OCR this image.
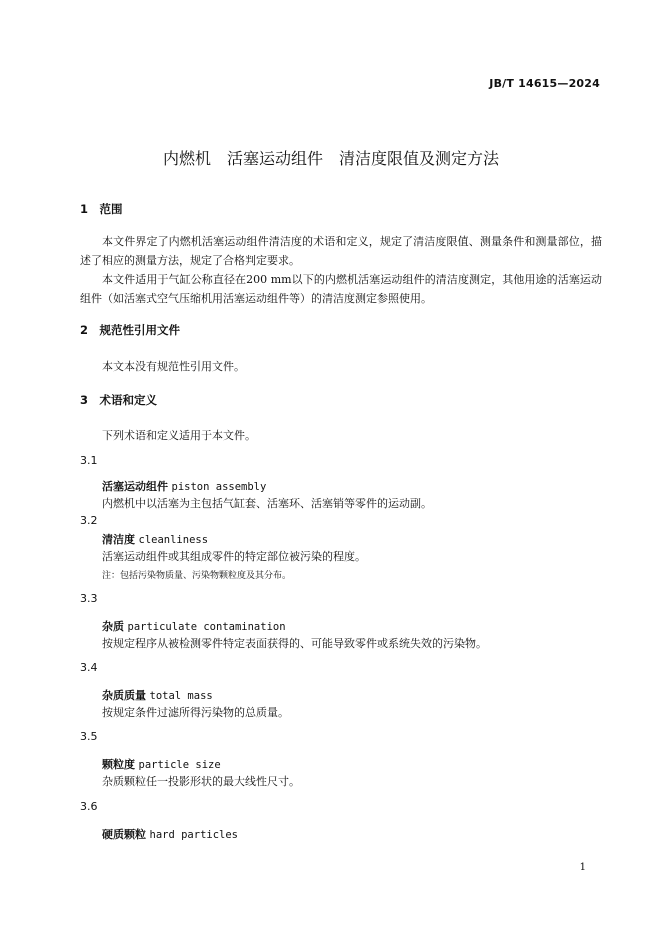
JB/T 14615—2024
内燃机　活塞运动组件　清洁度限值及测定方法
1　范围

本文件界定了内燃机活塞运动组件清洁度的术语和定义，规定了清洁度限值、测量条件和测量部位，描述了相应的测量方法，规定了合格判定要求。

本文件适用于气缸公称直径在200 mm以下的内燃机活塞运动组件的清洁度测定，其他用途的活塞运动组件（如活塞式空气压缩机用活塞运动组件等）的清洁度测定参照使用。

2　规范性引用文件
本文本没有规范性引用文件。
3　术语和定义
下列术语和定义适用于本文件。
3.1
活塞运动组件 piston assembly
内燃机中以活塞为主包括气缸套、活塞环、活塞销等零件的运动副。
3.2
清洁度 cleanliness
活塞运动组件或其组成零件的特定部位被污染的程度。
注：包括污染物质量、污染物颗粒度及其分布。
3.3
杂质 particulate contamination
按规定程序从被检测零件特定表面获得的、可能导致零件或系统失效的污染物。
3.4
杂质质量 total mass
按规定条件过滤所得污染物的总质量。
3.5
颗粒度 particle size
杂质颗粒任一投影形状的最大线性尺寸。
3.6
硬质颗粒 hard particles
1
